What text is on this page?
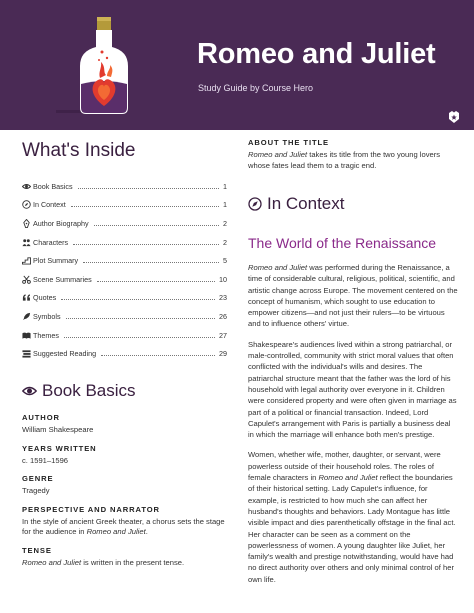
Romeo and Juliet
Study Guide by Course Hero
What's Inside
Book Basics	1
In Context	1
Author Biography	2
Characters	2
Plot Summary	5
Scene Summaries	10
Quotes	23
Symbols	26
Themes	27
Suggested Reading	29
Book Basics
AUTHOR
William Shakespeare
YEARS WRITTEN
c. 1591–1596
GENRE
Tragedy
PERSPECTIVE AND NARRATOR
In the style of ancient Greek theater, a chorus sets the stage for the audience in Romeo and Juliet.
TENSE
Romeo and Juliet is written in the present tense.
ABOUT THE TITLE
Romeo and Juliet takes its title from the two young lovers whose fates lead them to a tragic end.
In Context
The World of the Renaissance

Romeo and Juliet was performed during the Renaissance, a time of considerable cultural, religious, political, scientific, and artistic change across Europe. The movement centered on the concept of humanism, which sought to use education to empower citizens—and not just their rulers—to be virtuous and to influence others' virtue.

Shakespeare's audiences lived within a strong patriarchal, or male-controlled, community with strict moral values that often conflicted with the individual's wills and desires. The patriarchal structure meant that the father was the lord of his household with legal authority over everyone in it. Children were considered property and were often given in marriage as part of a political or financial transaction. Indeed, Lord Capulet's arrangement with Paris is partially a business deal in which the marriage will enhance both men's prestige.

Women, whether wife, mother, daughter, or servant, were powerless outside of their household roles. The roles of female characters in Romeo and Juliet reflect the boundaries of their historical setting. Lady Capulet's influence, for example, is restricted to how much she can affect her husband's thoughts and behaviors. Lady Montague has little visible impact and dies parenthetically offstage in the final act. Her character can be seen as a comment on the powerlessness of women. A young daughter like Juliet, her family's wealth and prestige notwithstanding, would have had no direct authority over others and only minimal control of her own life.
